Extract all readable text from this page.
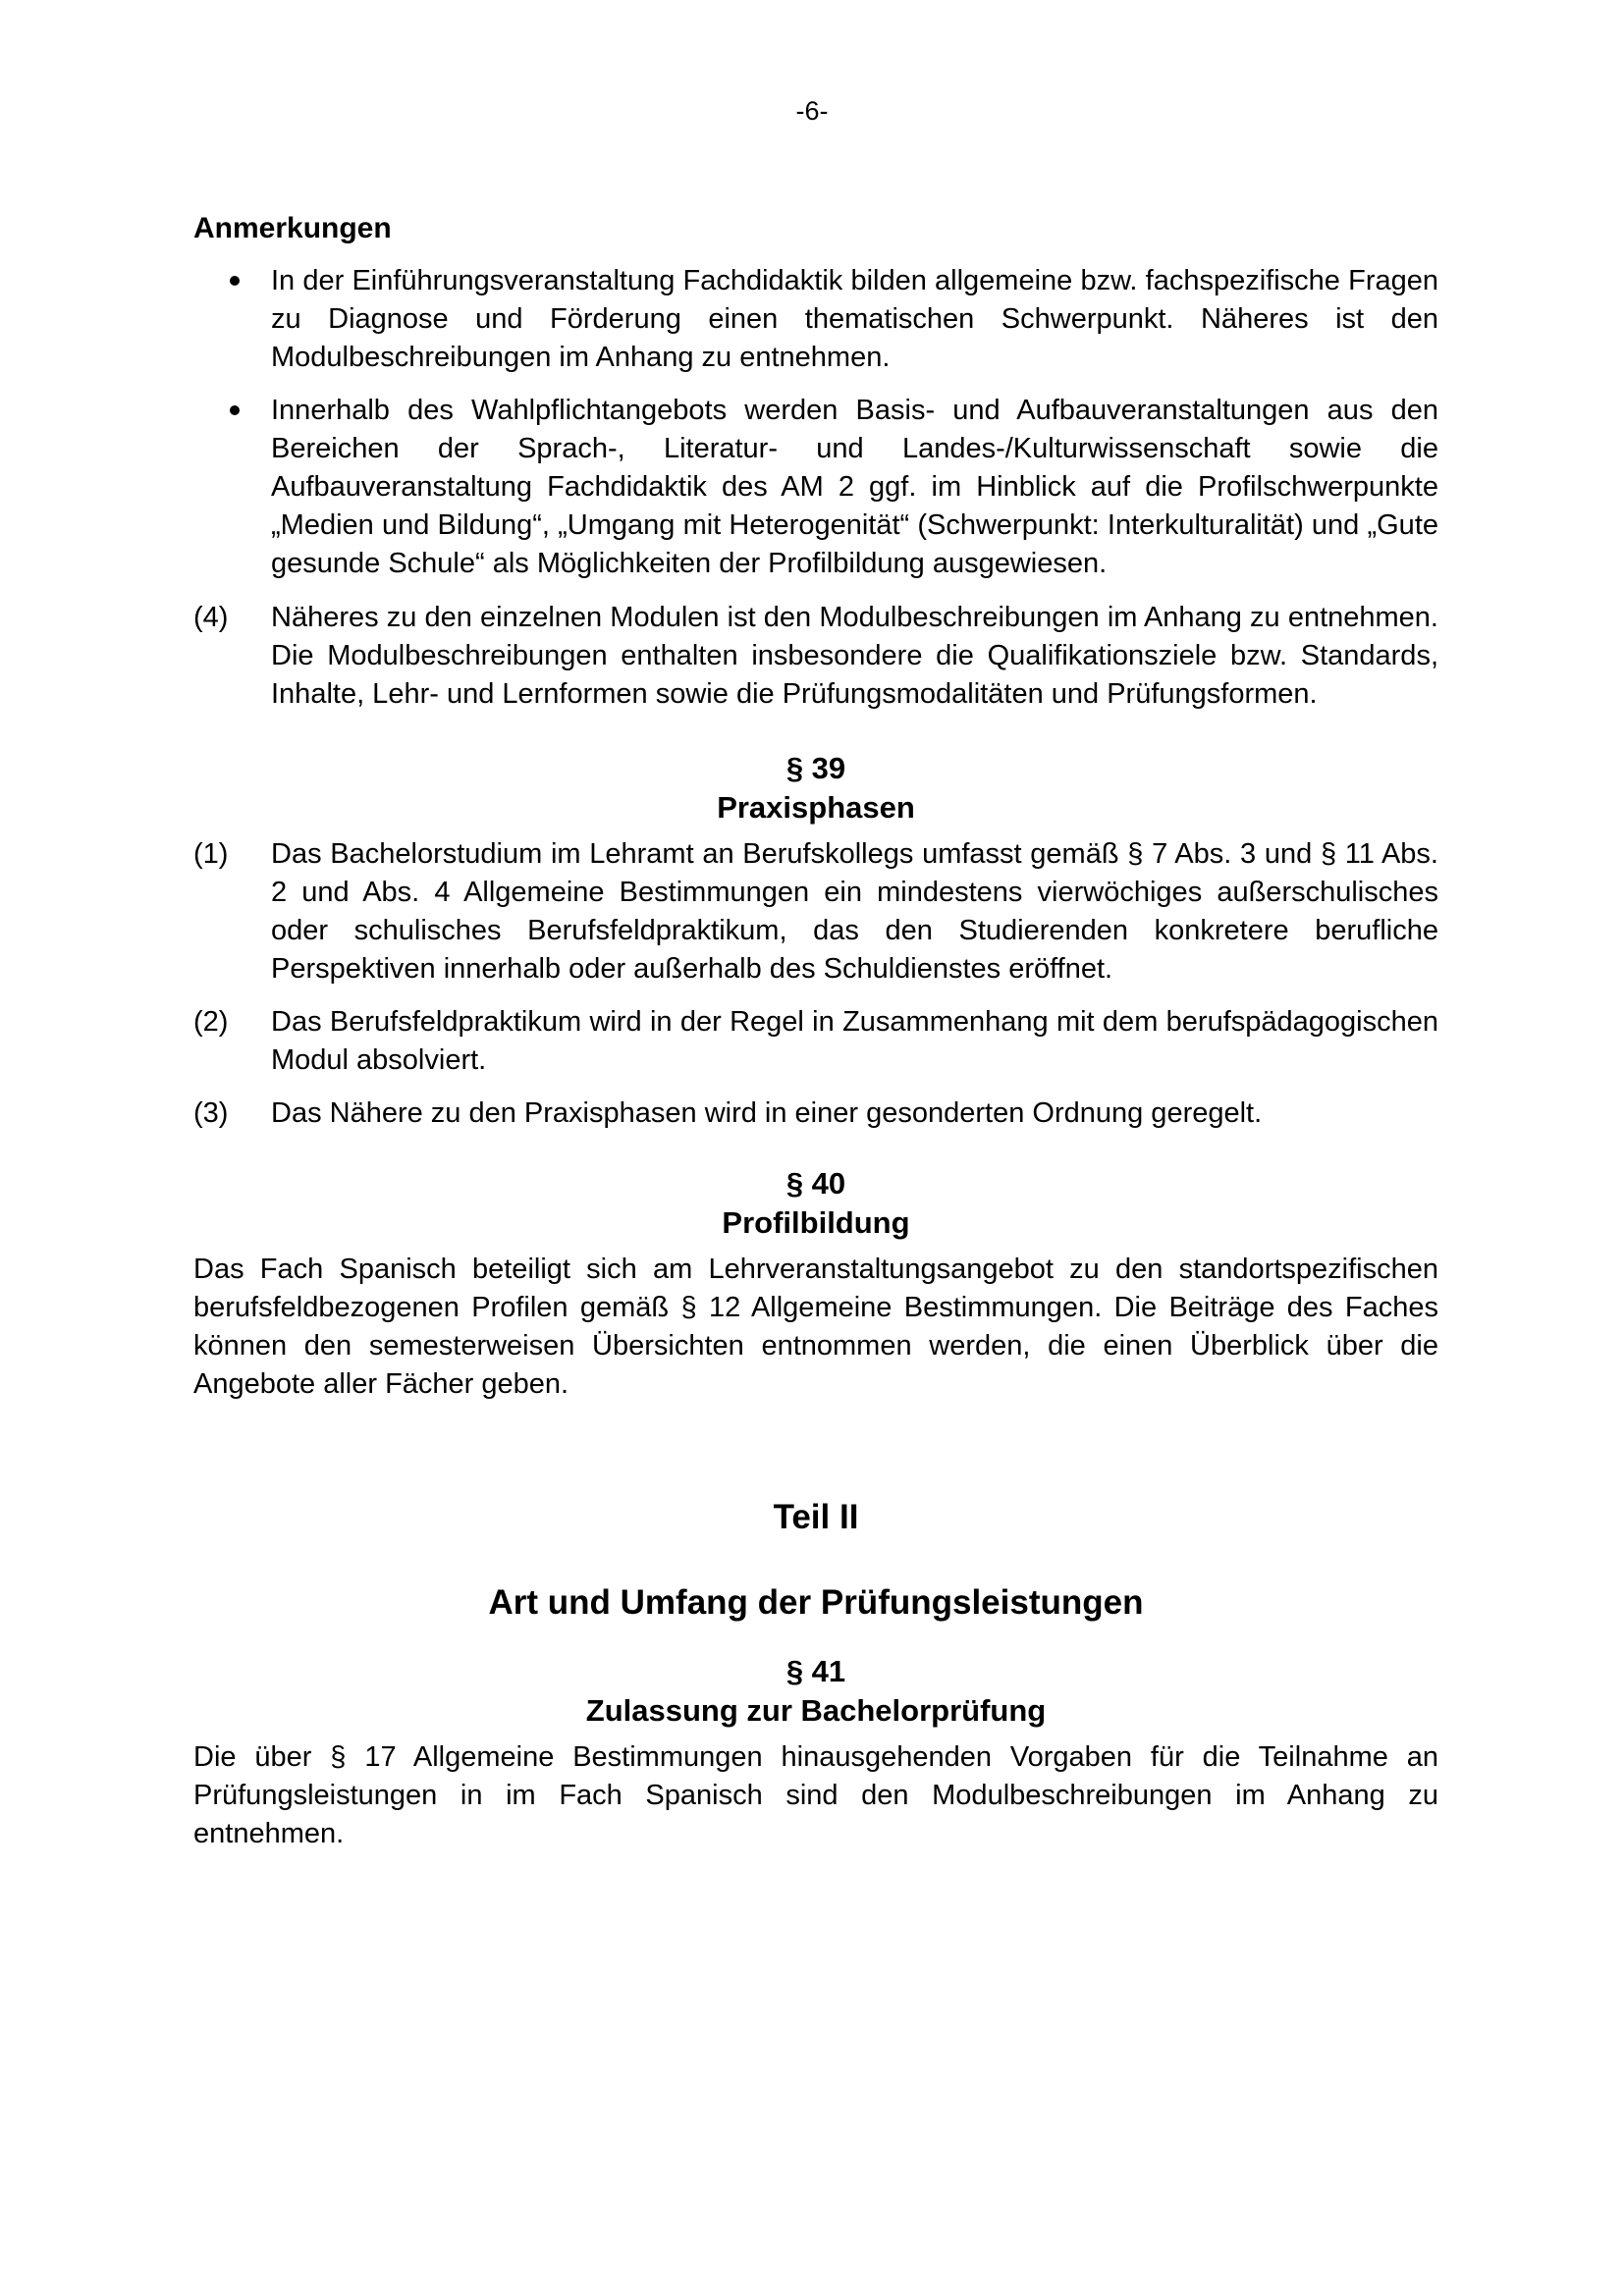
-6-
Anmerkungen
In der Einführungsveranstaltung Fachdidaktik bilden allgemeine bzw. fachspezifische Fragen zu Diagnose und Förderung einen thematischen Schwerpunkt. Näheres ist den Modulbeschreibungen im Anhang zu entnehmen.
Innerhalb des Wahlpflichtangebots werden Basis- und Aufbauveranstaltungen aus den Bereichen der Sprach-, Literatur- und Landes-/Kulturwissenschaft sowie die Aufbauveranstaltung Fachdidaktik des AM 2 ggf. im Hinblick auf die Profilschwerpunkte „Medien und Bildung“, „Umgang mit Heterogenität“ (Schwerpunkt: Interkulturalität) und „Gute gesunde Schule“ als Möglichkeiten der Profilbildung ausgewiesen.
(4) Näheres zu den einzelnen Modulen ist den Modulbeschreibungen im Anhang zu entnehmen. Die Modulbeschreibungen enthalten insbesondere die Qualifikationsziele bzw. Standards, Inhalte, Lehr- und Lernformen sowie die Prüfungsmodalitäten und Prüfungsformen.
§ 39
Praxisphasen
(1) Das Bachelorstudium im Lehramt an Berufskollegs umfasst gemäß § 7 Abs. 3 und § 11 Abs. 2 und Abs. 4 Allgemeine Bestimmungen ein mindestens vierwöchiges außerschulisches oder schulisches Berufsfeldpraktikum, das den Studierenden konkretere berufliche Perspektiven innerhalb oder außerhalb des Schuldienstes eröffnet.
(2) Das Berufsfeldpraktikum wird in der Regel in Zusammenhang mit dem berufspädagogischen Modul absolviert.
(3) Das Nähere zu den Praxisphasen wird in einer gesonderten Ordnung geregelt.
§ 40
Profilbildung
Das Fach Spanisch beteiligt sich am Lehrveranstaltungsangebot zu den standortspezifischen berufsfeldbezogenen Profilen gemäß § 12 Allgemeine Bestimmungen. Die Beiträge des Faches können den semesterweisen Übersichten entnommen werden, die einen Überblick über die Angebote aller Fächer geben.
Teil II
Art und Umfang der Prüfungsleistungen
§ 41
Zulassung zur Bachelorprüfung
Die über § 17 Allgemeine Bestimmungen hinausgehenden Vorgaben für die Teilnahme an Prüfungsleistungen in im Fach Spanisch sind den Modulbeschreibungen im Anhang zu entnehmen.
